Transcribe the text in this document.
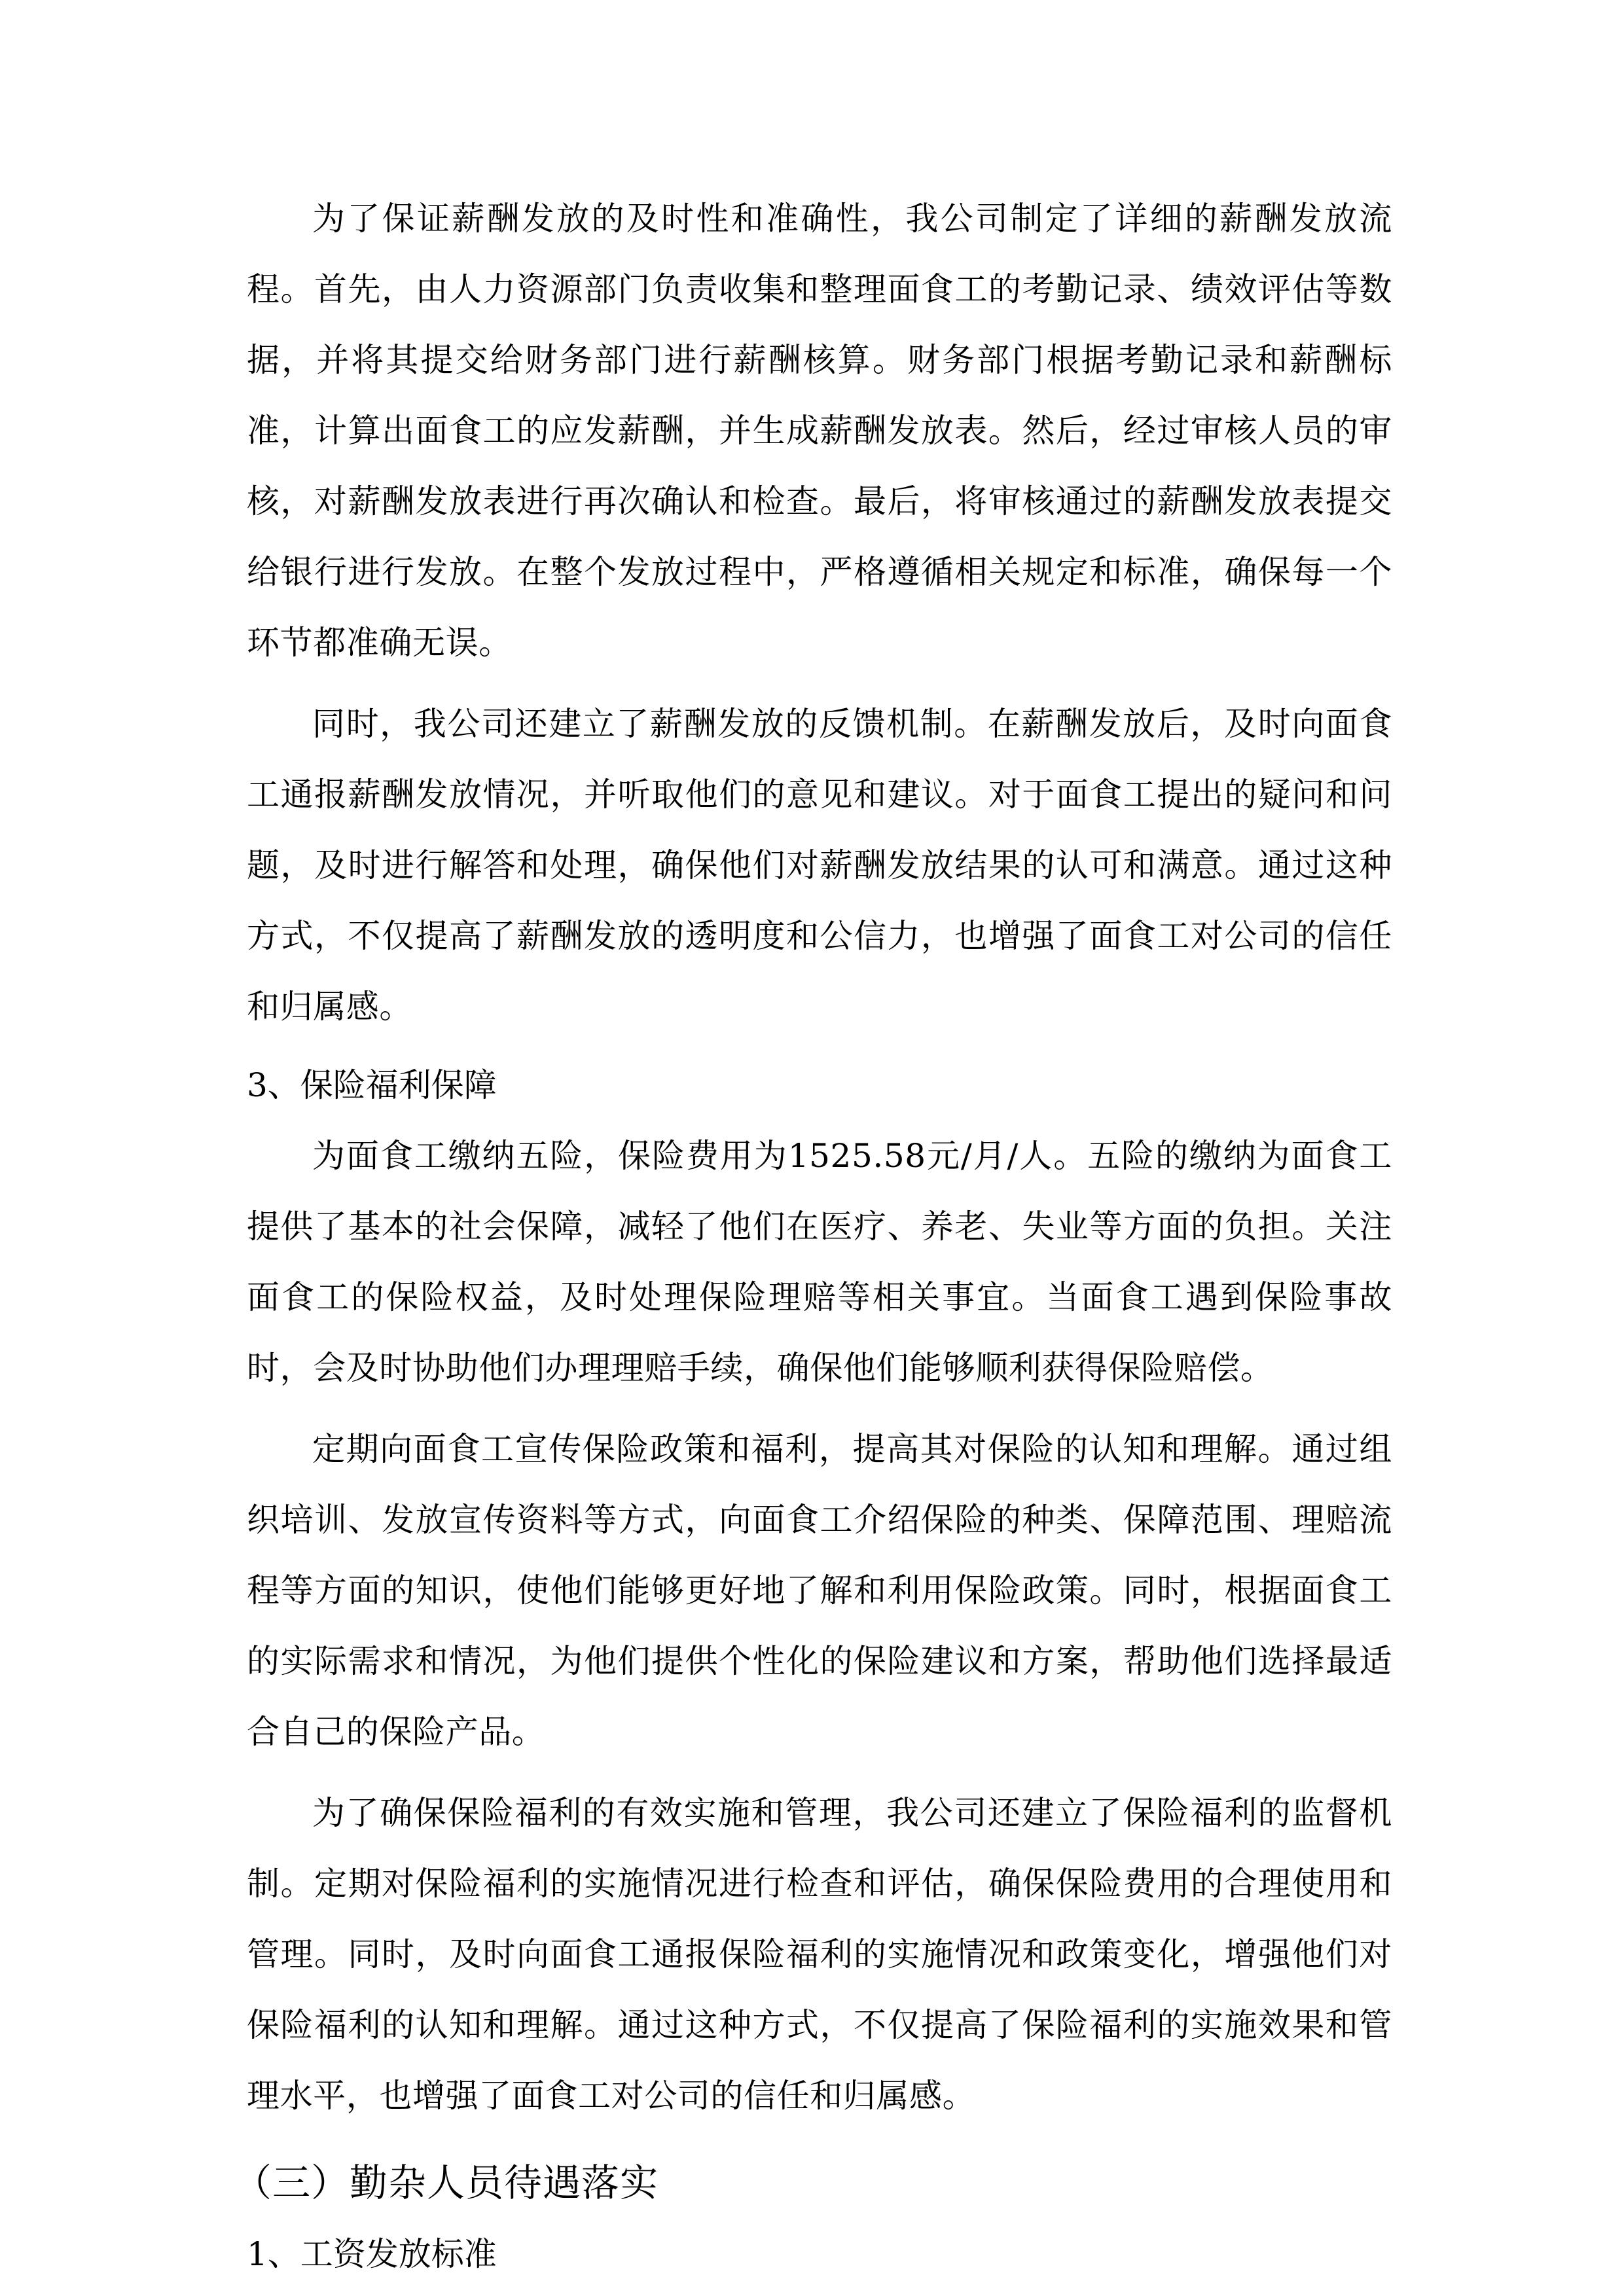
为了保证薪酬发放的及时性和准确性，我公司制定了详细的薪酬发放流程。首先，由人力资源部门负责收集和整理面食工的考勤记录、绩效评估等数据，并将其提交给财务部门进行薪酬核算。财务部门根据考勤记录和薪酬标准，计算出面食工的应发薪酬，并生成薪酬发放表。然后，经过审核人员的审核，对薪酬发放表进行再次确认和检查。最后，将审核通过的薪酬发放表提交给银行进行发放。在整个发放过程中，严格遵循相关规定和标准，确保每一个环节都准确无误。

同时，我公司还建立了薪酬发放的反馈机制。在薪酬发放后，及时向面食工通报薪酬发放情况，并听取他们的意见和建议。对于面食工提出的疑问和问题，及时进行解答和处理，确保他们对薪酬发放结果的认可和满意。通过这种方式，不仅提高了薪酬发放的透明度和公信力，也增强了面食工对公司的信任和归属感。

3、保险福利保障

为面食工缴纳五险，保险费用为1525.58元/月/人。五险的缴纳为面食工提供了基本的社会保障，减轻了他们在医疗、养老、失业等方面的负担。关注面食工的保险权益，及时处理保险理赔等相关事宜。当面食工遇到保险事故时，会及时协助他们办理理赔手续，确保他们能够顺利获得保险赔偿。

定期向面食工宣传保险政策和福利，提高其对保险的认知和理解。通过组织培训、发放宣传资料等方式，向面食工介绍保险的种类、保障范围、理赔流程等方面的知识，使他们能够更好地了解和利用保险政策。同时，根据面食工的实际需求和情况，为他们提供个性化的保险建议和方案，帮助他们选择最适合自己的保险产品。

为了确保保险福利的有效实施和管理，我公司还建立了保险福利的监督机制。定期对保险福利的实施情况进行检查和评估，确保保险费用的合理使用和管理。同时，及时向面食工通报保险福利的实施情况和政策变化，增强他们对保险福利的认知和理解。通过这种方式，不仅提高了保险福利的实施效果和管理水平，也增强了面食工对公司的信任和归属感。

（三）勤杂人员待遇落实
1、工资发放标准
